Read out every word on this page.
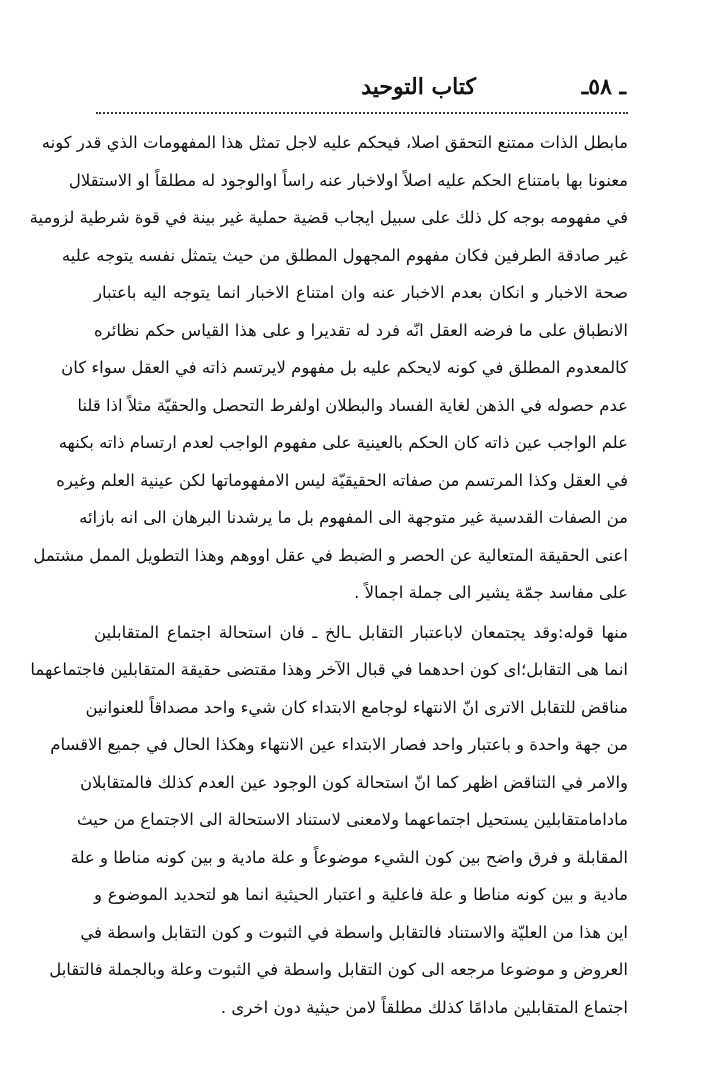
ـ ٥٨ـ
كتاب التوحيد
مابطل الذات ممتنع التحقق اصلا، فيحكم عليه لاجل تمثل هذا المفهومات الذي قدر كونه
معنونا بها بامتناع الحكم عليه اصلاً اولاخبار عنه راساً اوالوجود له مطلقاً او الاستقلال
في مفهومه بوجه كل ذلك على سبيل ايجاب قضية حملية غير بينة في قوة شرطية لزومية
غير صادقة الطرفين فكان مفهوم المجهول المطلق من حيث يتمثل نفسه يتوجه عليه
صحة الاخبار و انكان بعدم الاخبار عنه وان امتناع الاخبار انما يتوجه اليه باعتبار
الانطباق على ما فرضه العقل انّه فرد له تقديرا و على هذا القياس حكم نظائره
كالمعدوم المطلق في كونه لايحكم عليه بل مفهوم لايرتسم ذاته في العقل سواء كان
عدم حصوله في الذهن لغاية الفساد والبطلان اولفرط التحصل والحقيّة مثلاً اذا قلنا
علم الواجب عين ذاته كان الحكم بالعينية على مفهوم الواجب لعدم ارتسام ذاته بكنهه
في العقل وكذا المرتسم من صفاته الحقيقيّة ليس الامفهوماتها لكن عينية العلم وغيره
من الصفات القدسية غير متوجهة الى المفهوم بل ما يرشدنا البرهان الى انه بازائه
اعنى الحقيقة المتعالية عن الحصر و الضبط في عقل اووهم وهذا التطويل الممل مشتمل
على مفاسد جمّة يشير الى جملة اجمالاً .
منها قوله:وقد يجتمعان لاباعتبار التقابل ـالخ ـ فان استحالة اجتماع المتقابلين
انما هى التقابل؛اى كون احدهما في قبال الآخر وهذا مقتضى حقيقة المتقابلين فاجتماعهما
مناقض للتقابل الاترى انّ الانتهاء لوجامع الابتداء كان شيء واحد مصداقاً للعنوانين
من جهة واحدة و باعتبار واحد فصار الابتداء عين الانتهاء وهكذا الحال في جميع الاقسام
والامر في التناقض اظهر كما انّ استحالة كون الوجود عين العدم كذلك فالمتقابلان
مادامامتقابلين يستحيل اجتماعهما ولامعنى لاستناد الاستحالة الى الاجتماع من حيث
المقابلة و فرق واضح بين كون الشيء موضوعاً و علة مادية و بين كونه مناطا و علة
مادية و بين كونه مناطا و علة فاعلية و اعتبار الحيثية انما هو لتحديد الموضوع و
اين هذا من العليّة والاستناد فالتقابل واسطة في الثبوت و كون التقابل واسطة في
العروض و موضوعا مرجعه الى كون التقابل واسطة في الثبوت وعلة وبالجملة فالتقابل
اجتماع المتقابلين مادامًا كذلك مطلقاً لامن حيثية دون اخرى .
